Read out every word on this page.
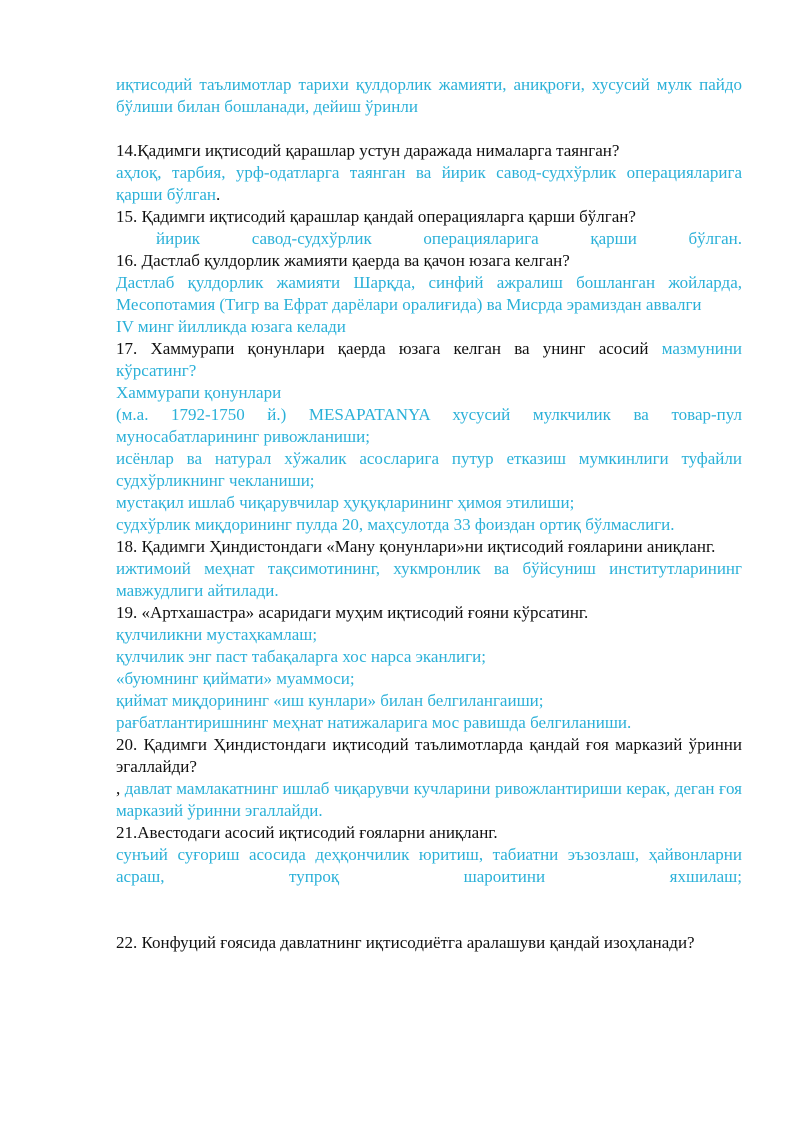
иқтисодий таълимотлар тарихи қулдорлик жамияти, аниқроғи, хусусий мулк пайдо бўлиши билан бошланади, дейиш ўринли
14.Қадимги иқтисодий қарашлар устун даражада нималарга таянган?
аҳлоқ, тарбия, урф-одатларга таянган ва йирик савод-судхўрлик операцияларига қарши бўлган.
15. Қадимги иқтисодий қарашлар қандай операцияларга қарши бўлган?
йирик савод-судхўрлик операцияларига қарши бўлган.
16. Дастлаб қулдорлик жамияти қаерда ва қачон юзага келган?
Дастлаб қулдорлик жамияти Шарқда, синфий ажралиш бошланган жойларда, Месопотамия (Тигр ва Ефрат дарёлари оралиғида) ва Мисрда эрамиздан аввалги
IV минг йилликда юзага келади
17. Хаммурапи қонунлари қаерда юзага келган ва унинг асосий мазмунини кўрсатинг?
Хаммурапи қонунлари
(м.а. 1792-1750 й.) MESAPATANYA хусусий мулкчилик ва товар-пул муносабатларининг ривожланиши;
исёнлар ва натурал хўжалик асосларига путур етказиш мумкинлиги туфайли судхўрликнинг чекланиши;
мустақил ишлаб чиқарувчилар ҳуқуқларининг ҳимоя этилиши;
судхўрлик миқдорининг пулда 20, маҳсулотда 33 фоиздан ортиқ бўлмаслиги.
18. Қадимги Ҳиндистондаги «Ману қонунлари»ни иқтисодий ғояларини аниқланг.
ижтимоий меҳнат тақсимотининг, хукмронлик ва бўйсуниш институтларининг мавжудлиги айтилади.
19. «Артхашастра» асаридаги муҳим иқтисодий ғояни кўрсатинг.
қулчиликни мустаҳкамлаш;
қулчилик энг паст табақаларга хос нарса эканлиги;
«буюмнинг қиймати» муаммоси;
қиймат миқдорининг «иш кунлари» билан белгилангаиши;
рағбатлантиришнинг меҳнат натижаларига мос равишда белгиланиши.
20. Қадимги Ҳиндистондаги иқтисодий таълимотларда қандай ғоя марказий ўринни эгаллайди?
, давлат мамлакатнинг ишлаб чиқарувчи кучларини ривожлантириши керак, деган ғоя марказий ўринни эгаллайди.
21.Авестодаги асосий иқтисодий ғояларни аниқланг.
сунъий суғориш асосида деҳқончилик юритиш, табиатни эъзозлаш, ҳайвонларни асраш, тупроқ шароитини яхшилаш;
22. Конфуций ғоясида давлатнинг иқтисодиётга аралашуви қандай изоҳланади?
